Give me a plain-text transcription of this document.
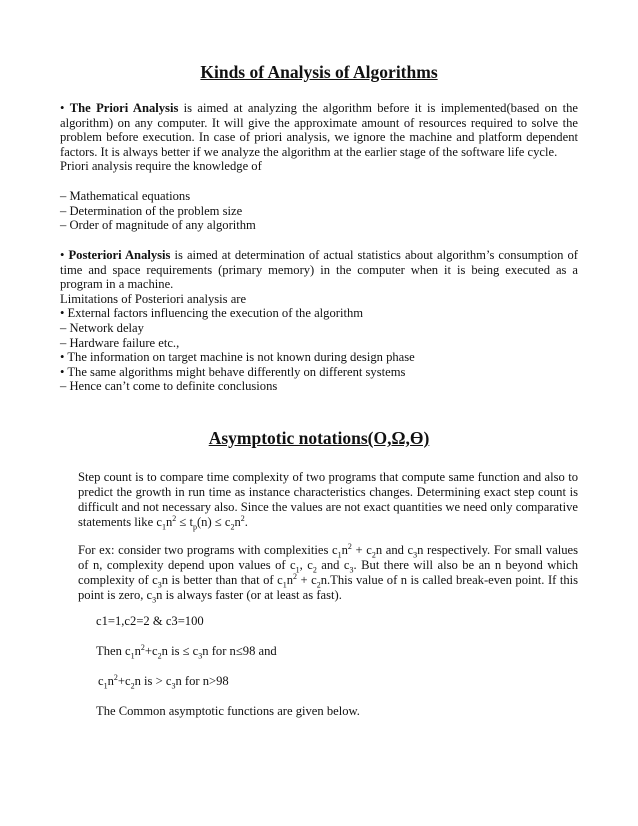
Kinds of Analysis of Algorithms

• The Priori Analysis is aimed at analyzing the algorithm before it is implemented(based on the algorithm) on any computer. It will give the approximate amount of resources required to solve the problem before execution. In case of priori analysis, we ignore the machine and platform dependent factors. It is always better if we analyze the algorithm at the earlier stage of the software life cycle.

Priori analysis require the knowledge of
– Mathematical equations
– Determination of the problem size
– Order of magnitude of any algorithm

• Posteriori Analysis is aimed at determination of actual statistics about algorithm’s consumption of time and space requirements (primary memory) in the computer when it is being executed as a program in a machine.

Limitations of Posteriori analysis are
• External factors influencing the execution of the algorithm
– Network delay
– Hardware failure etc.,
• The information on target machine is not known during design phase
• The same algorithms might behave differently on different systems
– Hence can’t come to definite conclusions
Asymptotic notations(O,Ω,ϴ)

Step count is to compare time complexity of two programs that compute same function and also to predict the growth in run time as instance characteristics changes. Determining exact step count is difficult and not necessary also. Since the values are not exact quantities we need only comparative statements like $c_1n^2 \le t_p(n) \le c_2n^2$.

For ex: consider two programs with complexities $c_1n^2 + c_2n$ and $c_3n$ respectively. For small values of n, complexity depend upon values of $c_1$, $c_2$ and $c_3$. But there will also be an n beyond which complexity of $c_3n$ is better than that of $c_1n^2$ + $c_2n.This$ value of n is called break-even point. If this point is zero, $c_3n$ is always faster (or at least as fast).

c1=1,c2=2 & c3=100
Then $c_1n^2+c_2n$ is ≤ $c_3n$ for n≤98 and
$c_1n^2+c_2n$ is > $c_3n$ for n>98
The Common asymptotic functions are given below.
